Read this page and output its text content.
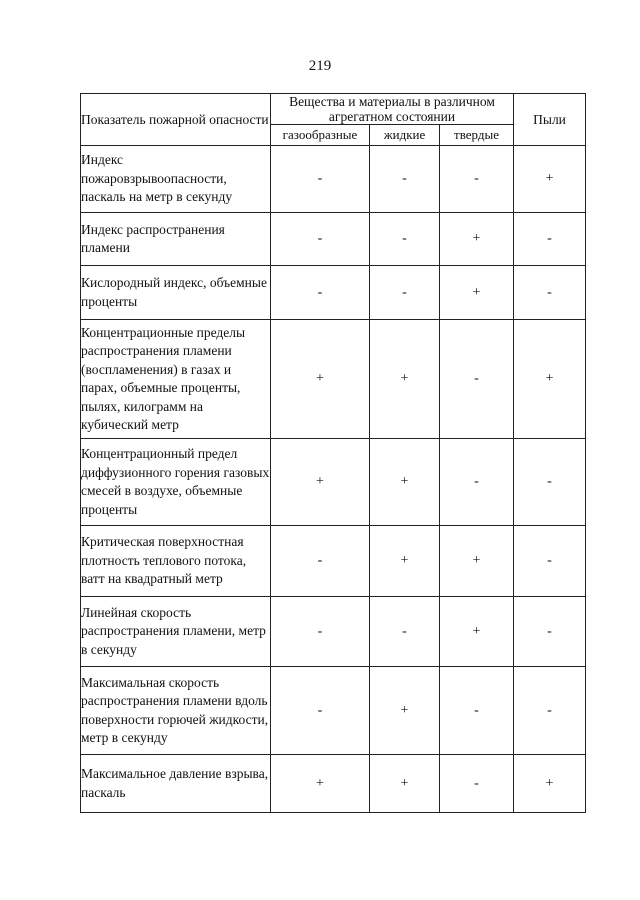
219
Показатель пожарной опасности	Вещества и материалы в различном агрегатном состоянии			Пыли
	газообразные	жидкие	твердые	
Индекс пожаровзрывоопасности, паскаль на метр в секунду	-	-	-	+
Индекс распространения пламени	-	-	+	-
Кислородный индекс, объемные проценты	-	-	+	-
Концентрационные пределы распространения пламени (воспламенения) в газах и парах, объемные проценты, пылях, килограмм на кубический метр	+	+	-	+
Концентрационный предел диффузионного горения газовых смесей в воздухе, объемные проценты	+	+	-	-
Критическая поверхностная плотность теплового потока, ватт на квадратный метр	-	+	+	-
Линейная скорость распространения пламени, метр в секунду	-	-	+	-
Максимальная скорость распространения пламени вдоль поверхности горючей жидкости, метр в секунду	-	+	-	-
Максимальное давление взрыва, паскаль	+	+	-	+
